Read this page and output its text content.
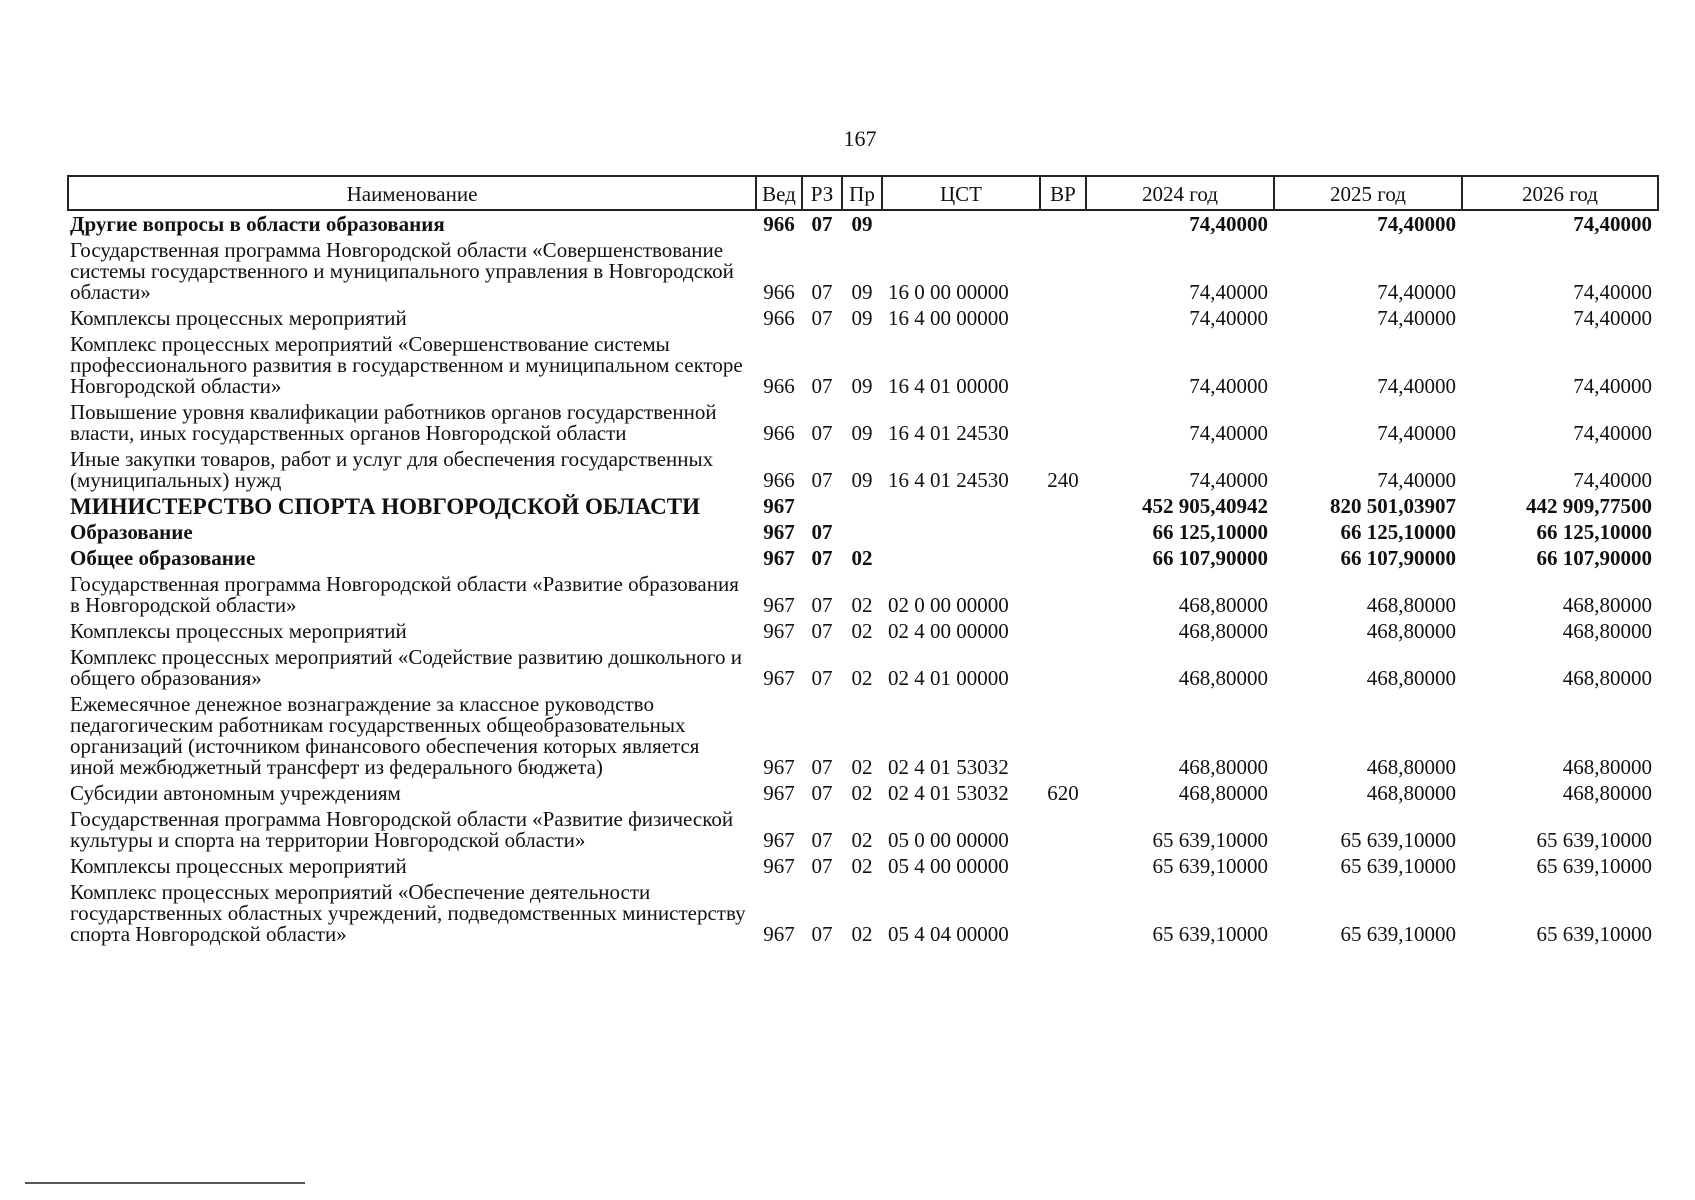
167
Наименование	Вед	РЗ	Пр	ЦСТ	ВР	2024 год	2025 год	2026 год
Другие вопросы в области образования	966	07	09			74,40000	74,40000	74,40000
Государственная программа Новгородской области «Совершенствование системы государственного и муниципального управления в Новгородской области»	966	07	09	16 0 00 00000		74,40000	74,40000	74,40000
Комплексы процессных мероприятий	966	07	09	16 4 00 00000		74,40000	74,40000	74,40000
Комплекс процессных мероприятий «Совершенствование системы профессионального развития в государственном и муниципальном секторе Новгородской области»	966	07	09	16 4 01 00000		74,40000	74,40000	74,40000
Повышение уровня квалификации работников органов государственной власти, иных государственных органов Новгородской области	966	07	09	16 4 01 24530		74,40000	74,40000	74,40000
Иные закупки товаров, работ и услуг для обеспечения государственных (муниципальных) нужд	966	07	09	16 4 01 24530	240	74,40000	74,40000	74,40000
МИНИСТЕРСТВО СПОРТА НОВГОРОДСКОЙ ОБЛАСТИ	967					452 905,40942	820 501,03907	442 909,77500
Образование	967	07				66 125,10000	66 125,10000	66 125,10000
Общее образование	967	07	02			66 107,90000	66 107,90000	66 107,90000
Государственная программа Новгородской области «Развитие образования в Новгородской области»	967	07	02	02 0 00 00000		468,80000	468,80000	468,80000
Комплексы процессных мероприятий	967	07	02	02 4 00 00000		468,80000	468,80000	468,80000
Комплекс процессных мероприятий «Содействие развитию дошкольного и общего образования»	967	07	02	02 4 01 00000		468,80000	468,80000	468,80000
Ежемесячное денежное вознаграждение за классное руководство педагогическим работникам государственных общеобразовательных организаций (источником финансового обеспечения которых является иной межбюджетный трансферт из федерального бюджета)	967	07	02	02 4 01 53032		468,80000	468,80000	468,80000
Субсидии автономным учреждениям	967	07	02	02 4 01 53032	620	468,80000	468,80000	468,80000
Государственная программа Новгородской области «Развитие физической культуры и спорта на территории Новгородской области»	967	07	02	05 0 00 00000		65 639,10000	65 639,10000	65 639,10000
Комплексы процессных мероприятий	967	07	02	05 4 00 00000		65 639,10000	65 639,10000	65 639,10000
Комплекс процессных мероприятий «Обеспечение деятельности государственных областных учреждений, подведомственных министерству спорта Новгородской области»	967	07	02	05 4 04 00000		65 639,10000	65 639,10000	65 639,10000
